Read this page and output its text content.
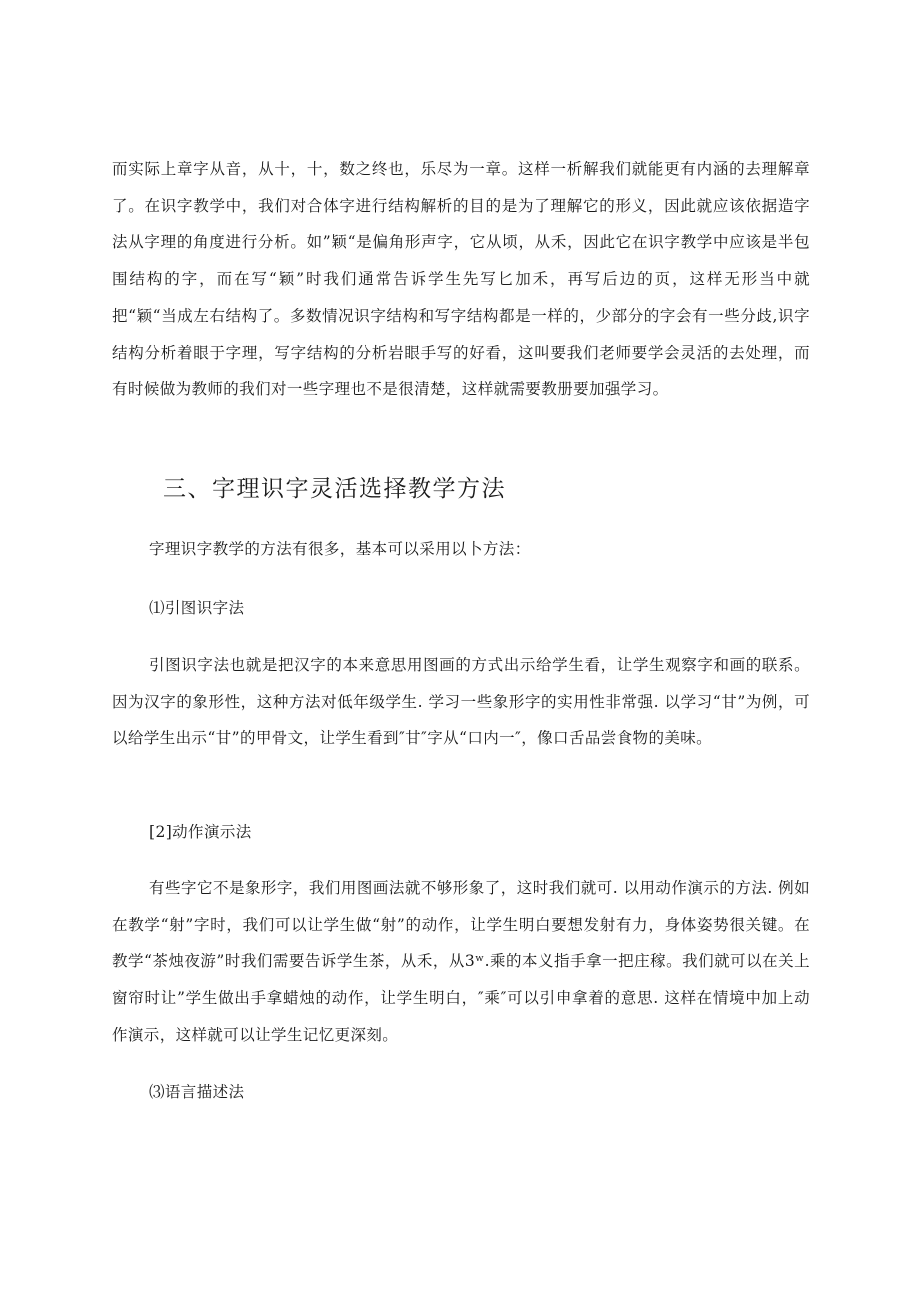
而实际上章字从音，从十，十，数之终也，乐尽为一章。这样一析解我们就能更有内涵的去理解章了。在识字教学中，我们对合体字进行结构解析的目的是为了理解它的形义，因此就应该依据造字法从字理的角度进行分析。如”颖“是偏角形声字，它从顷，从禾，因此它在识字教学中应该是半包围结构的字，而在写“颖”时我们通常告诉学生先写匕加禾，再写后边的页，这样无形当中就把“颖“当成左右结构了。多数情况识字结构和写字结构都是一样的，少部分的字会有一些分歧,识字结构分析着眼于字理，写字结构的分析岩眼手写的好看，这叫要我们老师要学会灵活的去处理，而有时候做为教师的我们对一些字理也不是很清楚，这样就需要教册要加强学习。

三、字理识字灵活选择教学方法

字理识字教学的方法有很多，基本可以采用以卜方法：

⑴引图识字法

引图识字法也就是把汉字的本来意思用图画的方式出示给学生看，让学生观察字和画的联系。因为汉字的象形性，这种方法对低年级学生. 学习一些象形字的实用性非常强. 以学习“甘”为例，可以给学生出示“甘”的甲骨文，让学生看到″甘″字从“口内一″，像口舌品尝食物的美味。

[2]动作演示法

有些字它不是象形字，我们用图画法就不够形象了，这时我们就可. 以用动作演示的方法. 例如在教学“射”字时，我们可以让学生做“射”的动作，让学生明白要想发射有力，身体姿势很关键。在教学“茶烛夜游”时我们需要告诉学生茶，从禾，从3ʷ.乘的本义指手拿一把庄稼。我们就可以在关上窗帘时让”学生做出手拿蜡烛的动作，让学生明白，″乘″可以引申拿着的意思. 这样在情境中加上动作演示，这样就可以让学生记忆更深刻。

⑶语言描述法
